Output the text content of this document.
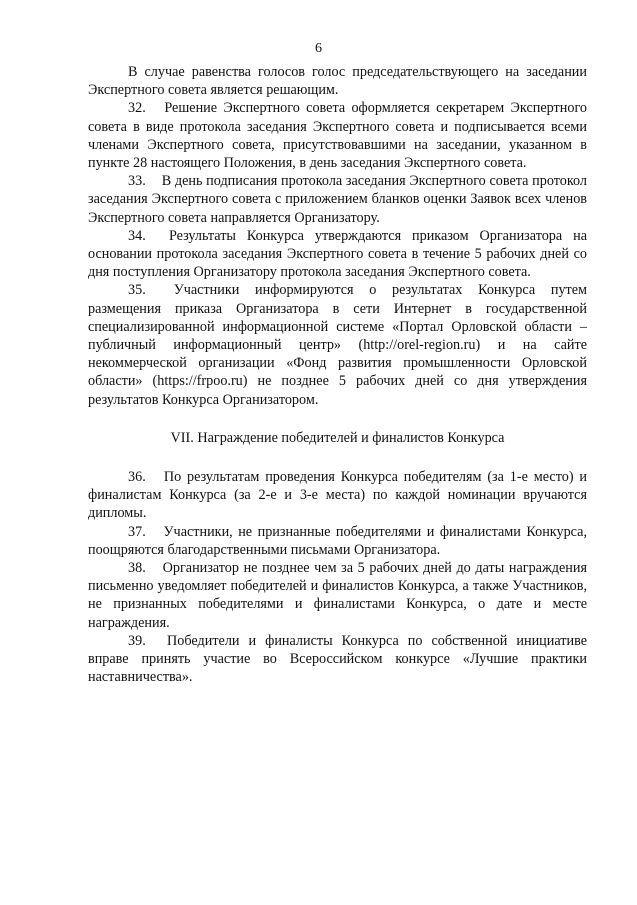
6

В случае равенства голосов голос председательствующего на заседании Экспертного совета является решающим.

32. Решение Экспертного совета оформляется секретарем Экспертного совета в виде протокола заседания Экспертного совета и подписывается всеми членами Экспертного совета, присутствовавшими на заседании, указанном в пункте 28 настоящего Положения, в день заседания Экспертного совета.

33. В день подписания протокола заседания Экспертного совета протокол заседания Экспертного совета с приложением бланков оценки Заявок всех членов Экспертного совета направляется Организатору.

34. Результаты Конкурса утверждаются приказом Организатора на основании протокола заседания Экспертного совета в течение 5 рабочих дней со дня поступления Организатору протокола заседания Экспертного совета.

35. Участники информируются о результатах Конкурса путем размещения приказа Организатора в сети Интернет в государственной специализированной информационной системе «Портал Орловской области – публичный информационный центр» (http://orel-region.ru) и на сайте некоммерческой организации «Фонд развития промышленности Орловской области» (https://frpoo.ru) не позднее 5 рабочих дней со дня утверждения результатов Конкурса Организатором.

VII. Награждение победителей и финалистов Конкурса

36. По результатам проведения Конкурса победителям (за 1-е место) и финалистам Конкурса (за 2-е и 3-е места) по каждой номинации вручаются дипломы.

37. Участники, не признанные победителями и финалистами Конкурса, поощряются благодарственными письмами Организатора.

38. Организатор не позднее чем за 5 рабочих дней до даты награждения письменно уведомляет победителей и финалистов Конкурса, а также Участников, не признанных победителями и финалистами Конкурса, о дате и месте награждения.

39. Победители и финалисты Конкурса по собственной инициативе вправе принять участие во Всероссийском конкурсе «Лучшие практики наставничества».
